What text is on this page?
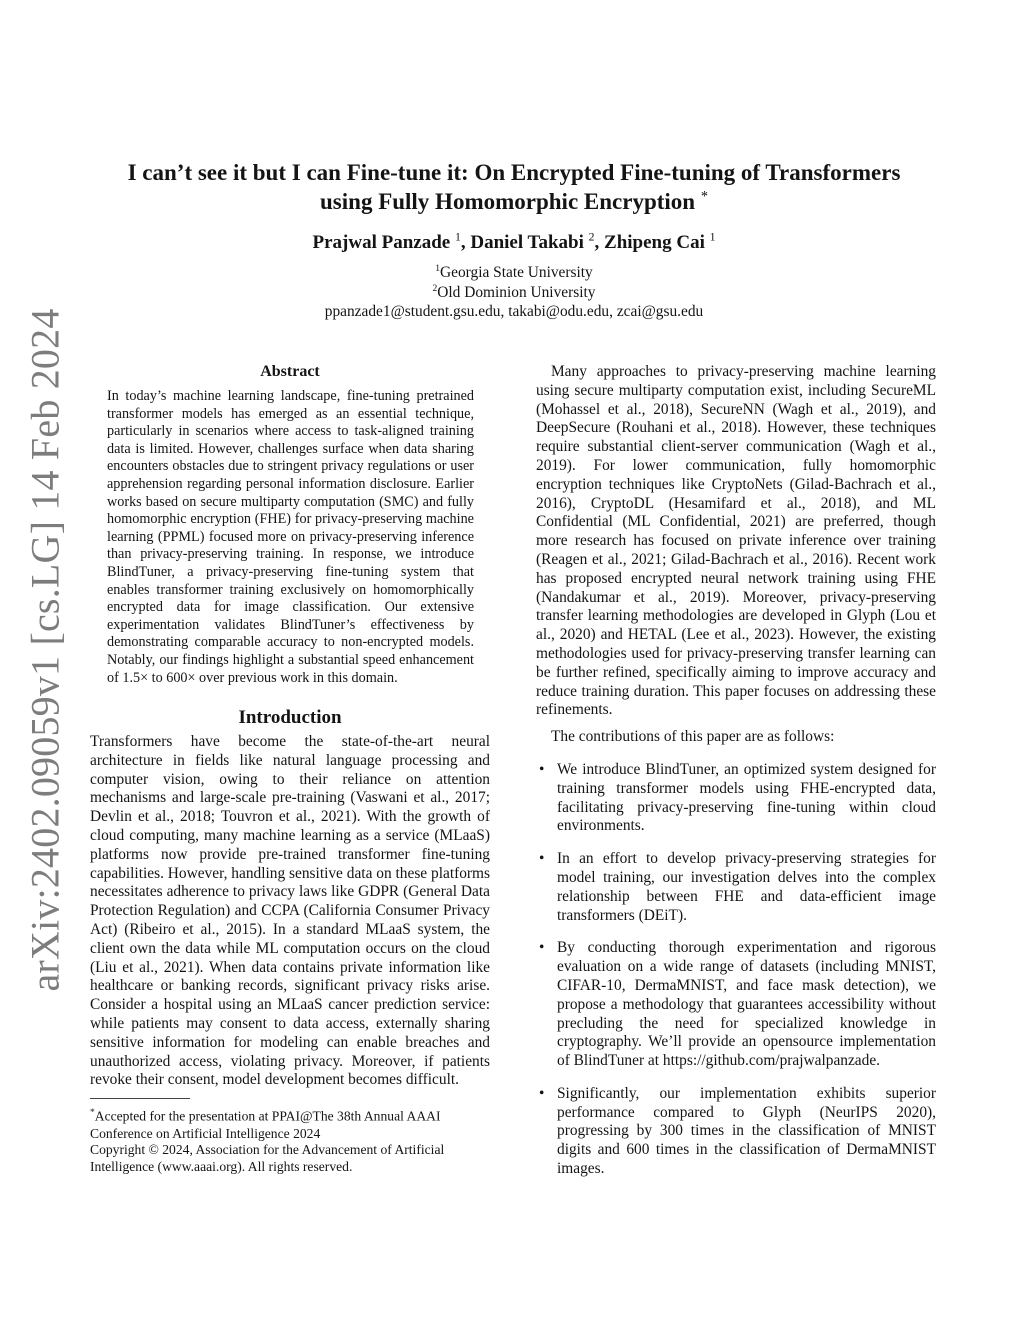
arXiv:2402.09059v1 [cs.LG] 14 Feb 2024
I can’t see it but I can Fine-tune it: On Encrypted Fine-tuning of Transformers
using Fully Homomorphic Encryption *
Prajwal Panzade $^1$, Daniel Takabi $^2$, Zhipeng Cai $^1$
$^1$Georgia State University
$^2$Old Dominion University
ppanzade1@student.gsu.edu, takabi@odu.edu, zcai@gsu.edu
Abstract

In today’s machine learning landscape, fine-tuning pretrained transformer models has emerged as an essential technique, particularly in scenarios where access to task-aligned training data is limited. However, challenges surface when data sharing encounters obstacles due to stringent privacy regulations or user apprehension regarding personal information disclosure. Earlier works based on secure multiparty computation (SMC) and fully homomorphic encryption (FHE) for privacy-preserving machine learning (PPML) focused more on privacy-preserving inference than privacy-preserving training. In response, we introduce BlindTuner, a privacy-preserving fine-tuning system that enables transformer training exclusively on homomorphically encrypted data for image classification. Our extensive experimentation validates BlindTuner’s effectiveness by demonstrating comparable accuracy to non-encrypted models. Notably, our findings highlight a substantial speed enhancement of 1.5× to 600× over previous work in this domain.

Introduction

Transformers have become the state-of-the-art neural architecture in fields like natural language processing and computer vision, owing to their reliance on attention mechanisms and large-scale pre-training (Vaswani et al., 2017; Devlin et al., 2018; Touvron et al., 2021). With the growth of cloud computing, many machine learning as a service (MLaaS) platforms now provide pre-trained transformer fine-tuning capabilities. However, handling sensitive data on these platforms necessitates adherence to privacy laws like GDPR (General Data Protection Regulation) and CCPA (California Consumer Privacy Act) (Ribeiro et al., 2015). In a standard MLaaS system, the client own the data while ML computation occurs on the cloud (Liu et al., 2021). When data contains private information like healthcare or banking records, significant privacy risks arise. Consider a hospital using an MLaaS cancer prediction service: while patients may consent to data access, externally sharing sensitive information for modeling can enable breaches and unauthorized access, violating privacy. Moreover, if patients revoke their consent, model development becomes difficult.

*Accepted for the presentation at PPAI@The 38th Annual AAAI Conference on Artificial Intelligence 2024
Copyright © 2024, Association for the Advancement of Artificial Intelligence (www.aaai.org). All rights reserved.

Many approaches to privacy-preserving machine learning using secure multiparty computation exist, including SecureML (Mohassel et al., 2018), SecureNN (Wagh et al., 2019), and DeepSecure (Rouhani et al., 2018). However, these techniques require substantial client-server communication (Wagh et al., 2019). For lower communication, fully homomorphic encryption techniques like CryptoNets (Gilad-Bachrach et al., 2016), CryptoDL (Hesamifard et al., 2018), and ML Confidential (ML Confidential, 2021) are preferred, though more research has focused on private inference over training (Reagen et al., 2021; Gilad-Bachrach et al., 2016). Recent work has proposed encrypted neural network training using FHE (Nandakumar et al., 2019). Moreover, privacy-preserving transfer learning methodologies are developed in Glyph (Lou et al., 2020) and HETAL (Lee et al., 2023). However, the existing methodologies used for privacy-preserving transfer learning can be further refined, specifically aiming to improve accuracy and reduce training duration. This paper focuses on addressing these refinements.

The contributions of this paper are as follows:

• We introduce BlindTuner, an optimized system designed for training transformer models using FHE-encrypted data, facilitating privacy-preserving fine-tuning within cloud environments.
• In an effort to develop privacy-preserving strategies for model training, our investigation delves into the complex relationship between FHE and data-efficient image transformers (DEiT).
• By conducting thorough experimentation and rigorous evaluation on a wide range of datasets (including MNIST, CIFAR-10, DermaMNIST, and face mask detection), we propose a methodology that guarantees accessibility without precluding the need for specialized knowledge in cryptography. We’ll provide an opensource implementation of BlindTuner at https://github.com/prajwalpanzade.
• Significantly, our implementation exhibits superior performance compared to Glyph (NeurIPS 2020), progressing by 300 times in the classification of MNIST digits and 600 times in the classification of DermaMNIST images.
